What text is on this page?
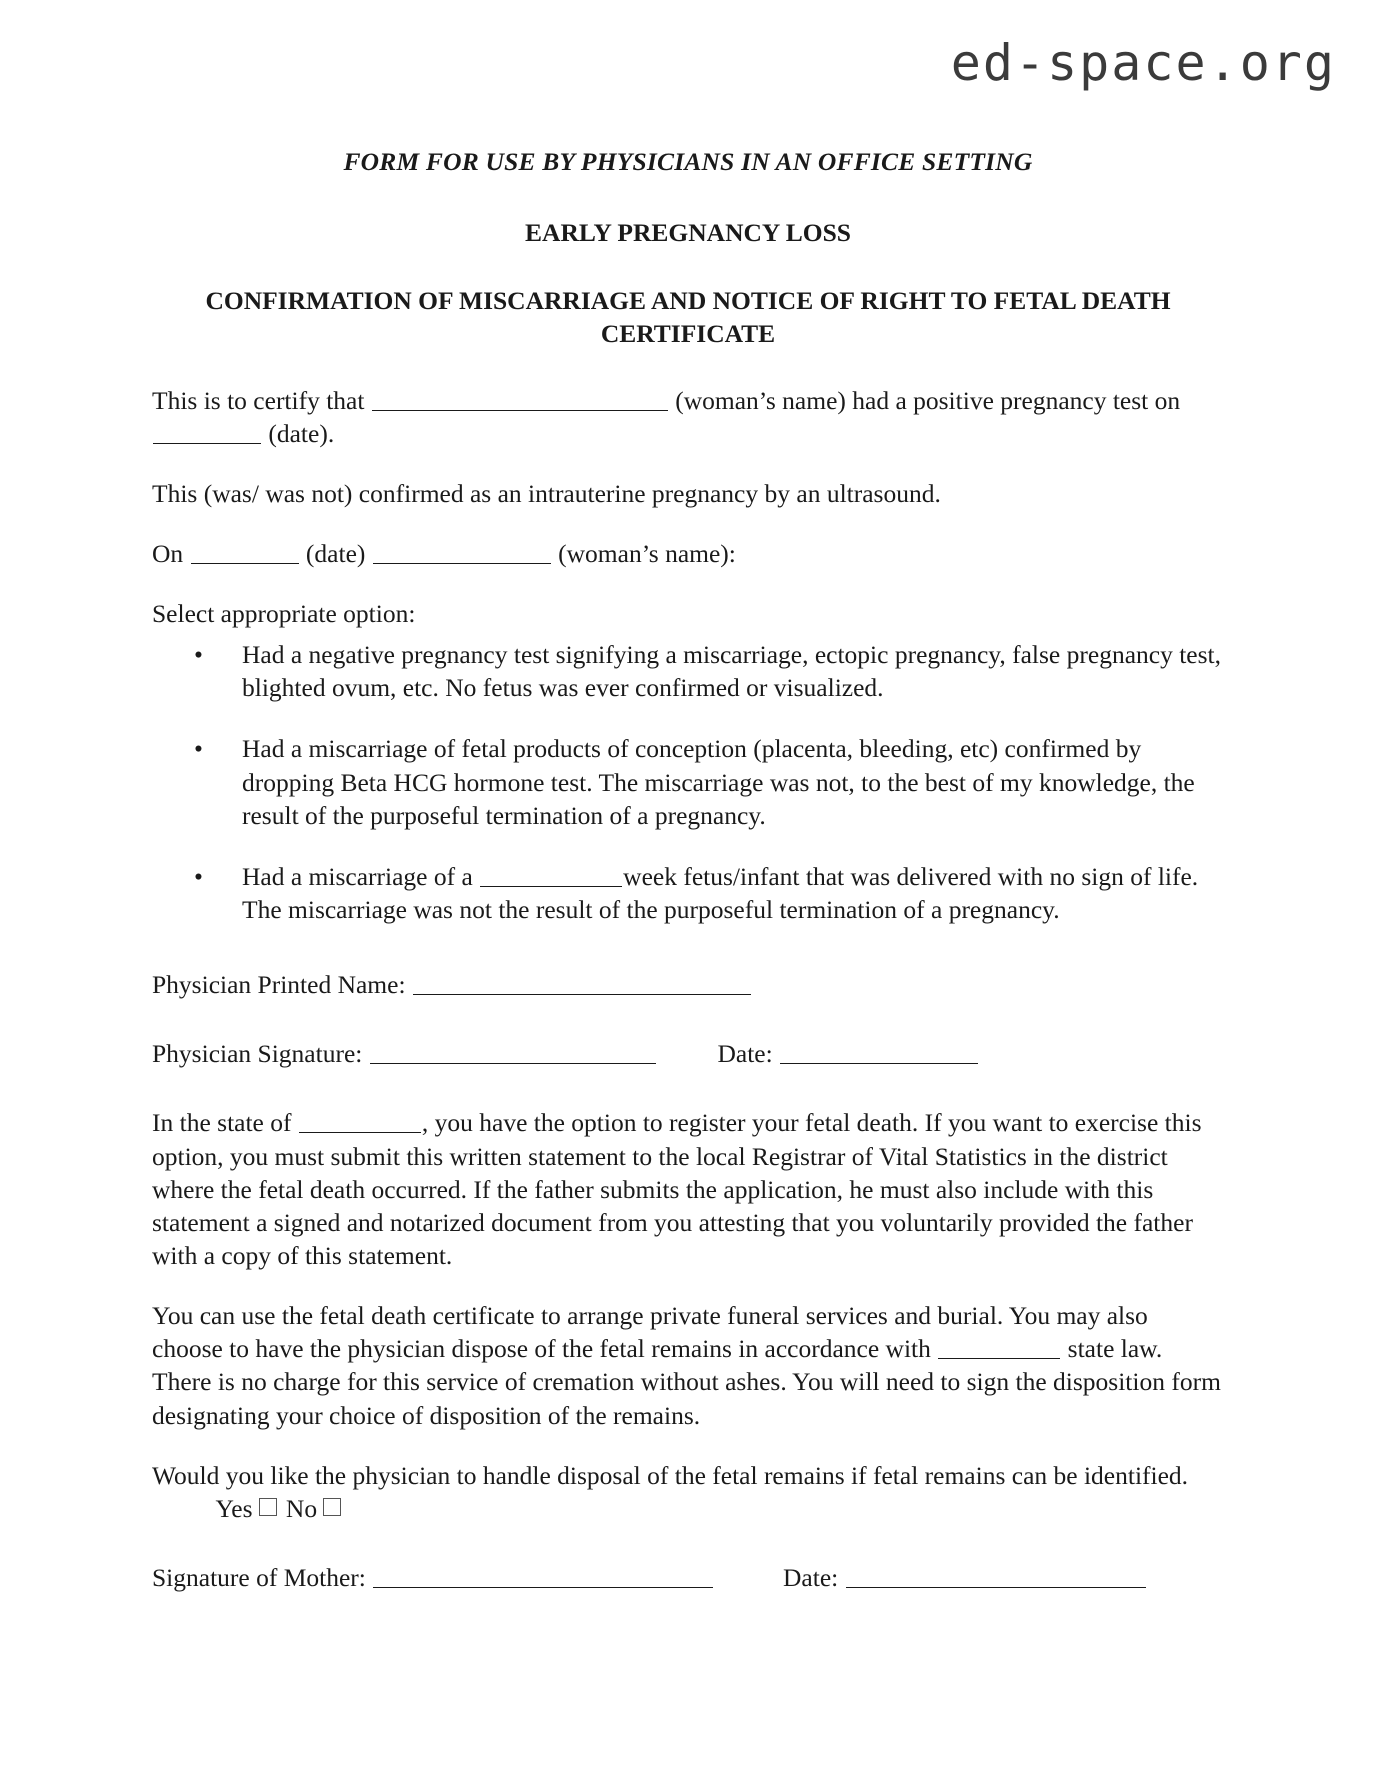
ed-space.org
FORM FOR USE BY PHYSICIANS IN AN OFFICE SETTING
EARLY PREGNANCY LOSS
CONFIRMATION OF MISCARRIAGE AND NOTICE OF RIGHT TO FETAL DEATH CERTIFICATE

This is to certify that	(woman’s name) had a positive pregnancy test on  (date).

This (was/ was not) confirmed as an intrauterine pregnancy by an ultrasound.

On	(date)	(woman’s name):

Select appropriate option:

• Had a negative pregnancy test signifying a miscarriage, ectopic pregnancy, false pregnancy test, blighted ovum, etc. No fetus was ever confirmed or visualized.
• Had a miscarriage of fetal products of conception (placenta, bleeding, etc) confirmed by dropping Beta HCG hormone test. The miscarriage was not, to the best of my knowledge, the result of the purposeful termination of a pregnancy.
• Had a miscarriage of a	week fetus/infant that was delivered with no sign of life. The miscarriage was not the result of the purposeful termination of a pregnancy.

Physician Printed Name:

Physician Signature:	Date:

In the state of	, you have the option to register your fetal death. If you want to exercise this option, you must submit this written statement to the local Registrar of Vital Statistics in the district where the fetal death occurred. If the father submits the application, he must also include with this statement a signed and notarized document from you attesting that you voluntarily provided the father with a copy of this statement.

You can use the fetal death certificate to arrange private funeral services and burial. You may also choose to have the physician dispose of the fetal remains in accordance with	state law. There is no charge for this service of cremation without ashes. You will need to sign the disposition form designating your choice of disposition of the remains.

Would you like the physician to handle disposal of the fetal remains if fetal remains can be identified.  Yes No

Signature of Mother:	Date:
